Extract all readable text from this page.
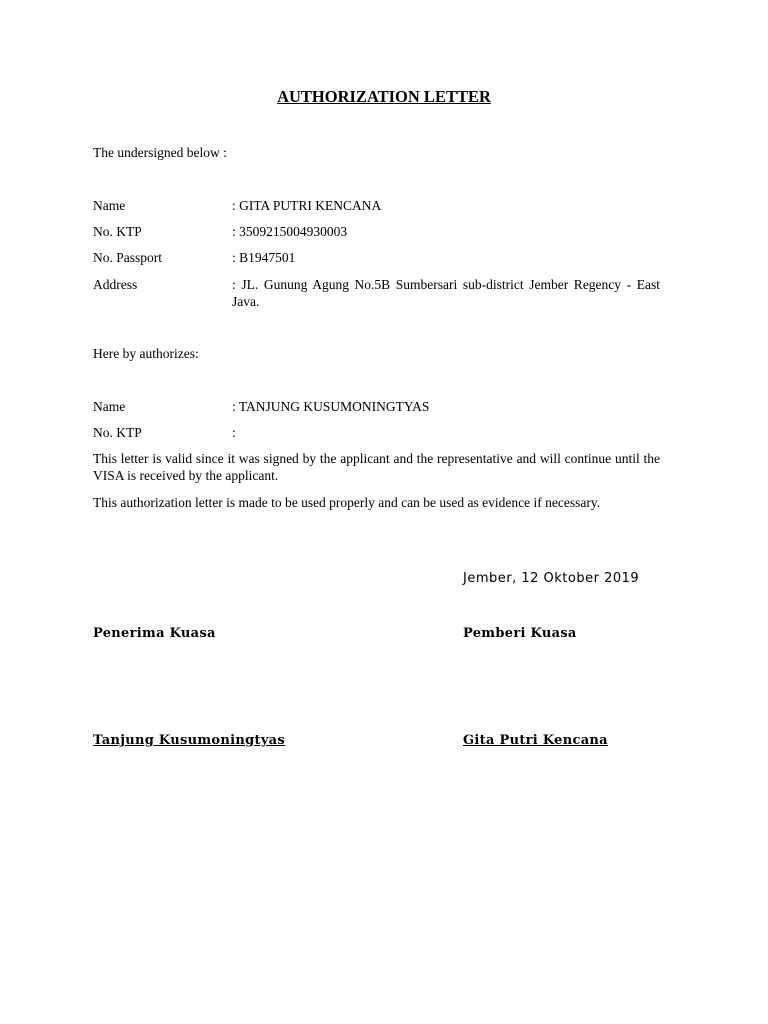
AUTHORIZATION LETTER
The undersigned below :
Name	: GITA PUTRI KENCANA
No. KTP	: 3509215004930003
No. Passport	: B1947501
Address	: JL. Gunung Agung No.5B Sumbersari sub-district Jember Regency - East Java.
Here by authorizes:
Name	: TANJUNG KUSUMONINGTYAS
No. KTP	:
This letter is valid since it was signed by the applicant and the representative and will continue until the VISA is received by the applicant.
This authorization letter is made to be used properly and can be used as evidence if necessary.
Jember, 12 Oktober 2019
Penerima Kuasa	Pemberi Kuasa
Tanjung Kusumoningtyas	Gita Putri Kencana
